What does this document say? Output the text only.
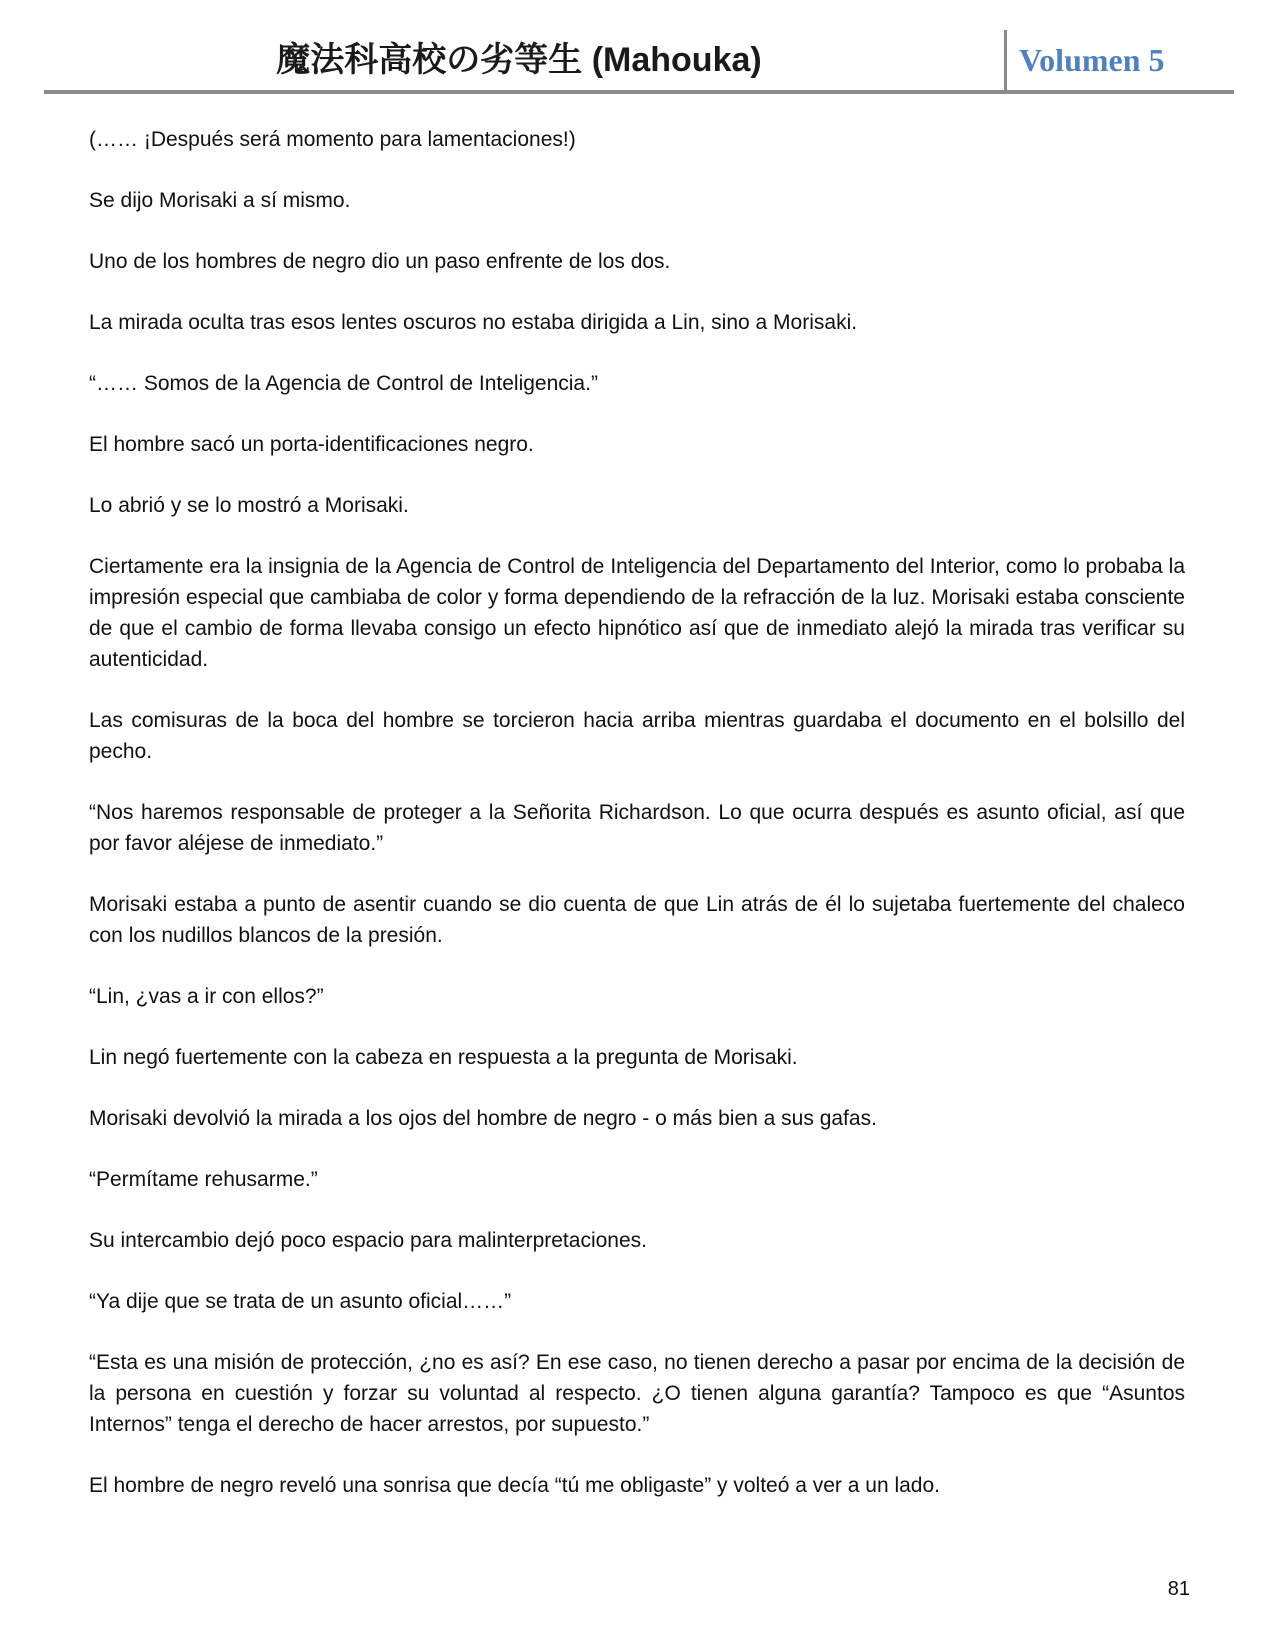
魔法科高校の劣等生 (Mahouka)	Volumen 5

(…… ¡Después será momento para lamentaciones!)

Se dijo Morisaki a sí mismo.

Uno de los hombres de negro dio un paso enfrente de los dos.

La mirada oculta tras esos lentes oscuros no estaba dirigida a Lin, sino a Morisaki.

“…… Somos de la Agencia de Control de Inteligencia.”

El hombre sacó un porta-identificaciones negro.

Lo abrió y se lo mostró a Morisaki.

Ciertamente era la insignia de la Agencia de Control de Inteligencia del Departamento del Interior, como lo probaba la impresión especial que cambiaba de color y forma dependiendo de la refracción de la luz. Morisaki estaba consciente de que el cambio de forma llevaba consigo un efecto hipnótico así que de inmediato alejó la mirada tras verificar su autenticidad.

Las comisuras de la boca del hombre se torcieron hacia arriba mientras guardaba el documento en el bolsillo del pecho.

“Nos haremos responsable de proteger a la Señorita Richardson. Lo que ocurra después es asunto oficial, así que por favor aléjese de inmediato.”

Morisaki estaba a punto de asentir cuando se dio cuenta de que Lin atrás de él lo sujetaba fuertemente del chaleco con los nudillos blancos de la presión.

“Lin, ¿vas a ir con ellos?”

Lin negó fuertemente con la cabeza en respuesta a la pregunta de Morisaki.

Morisaki devolvió la mirada a los ojos del hombre de negro - o más bien a sus gafas.

“Permítame rehusarme.”

Su intercambio dejó poco espacio para malinterpretaciones.

“Ya dije que se trata de un asunto oficial……”

“Esta es una misión de protección, ¿no es así? En ese caso, no tienen derecho a pasar por encima de la decisión de la persona en cuestión y forzar su voluntad al respecto. ¿O tienen alguna garantía? Tampoco es que “Asuntos Internos” tenga el derecho de hacer arrestos, por supuesto.”

El hombre de negro reveló una sonrisa que decía “tú me obligaste” y volteó a ver a un lado.

81
